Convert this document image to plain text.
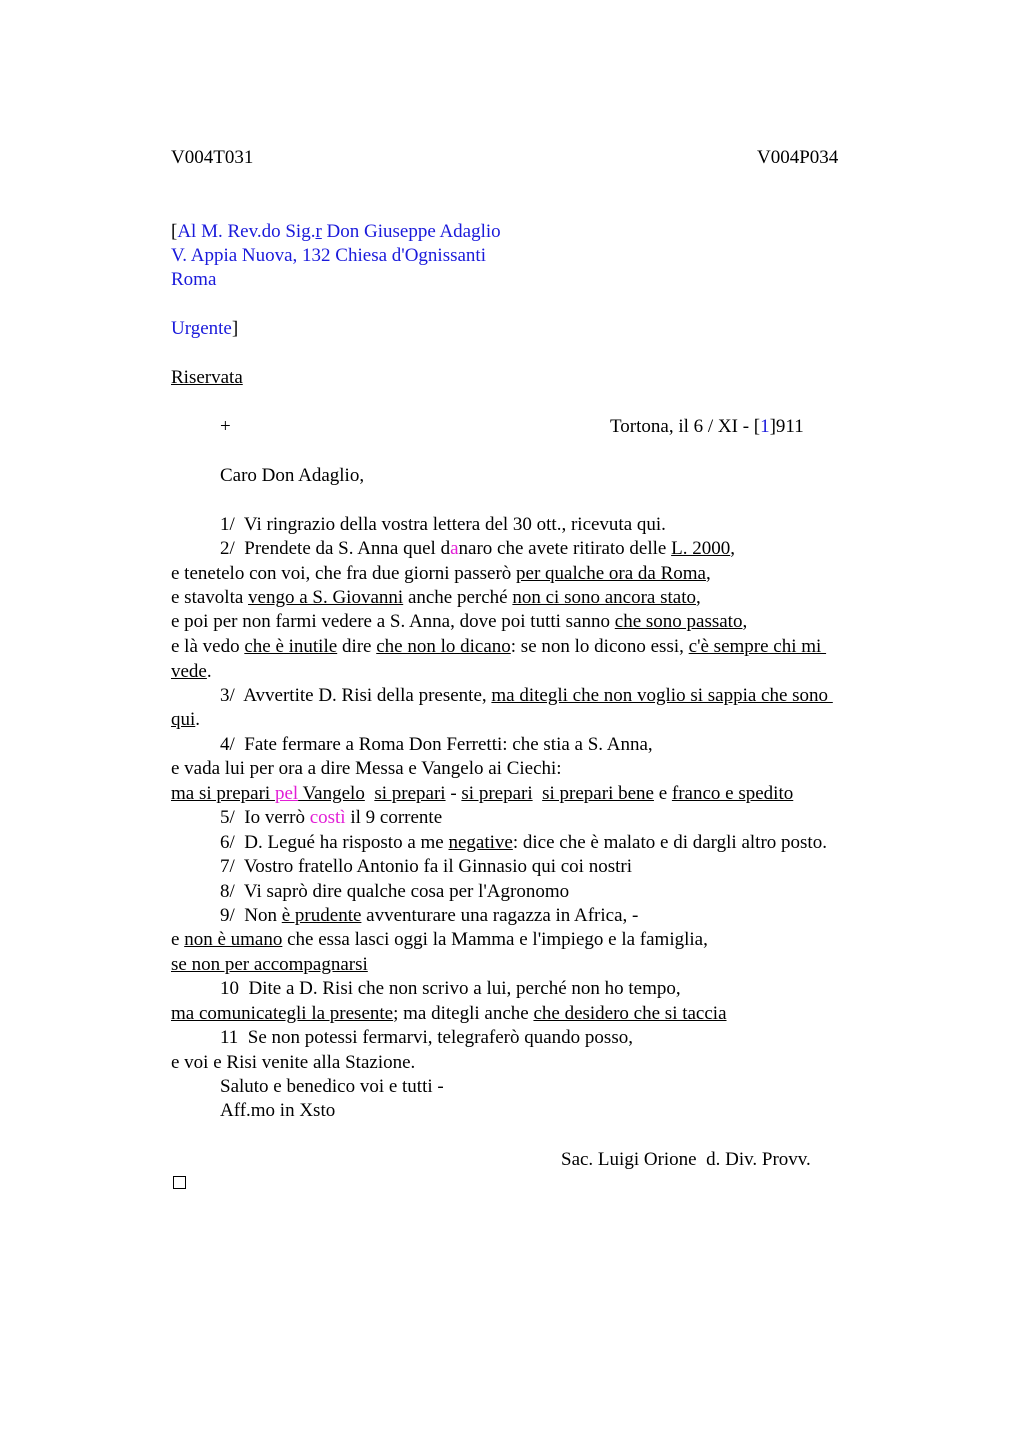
V004T031	V004P034
[Al M. Rev.do Sig.r Don Giuseppe Adaglio
V. Appia Nuova, 132 Chiesa d'Ognissanti
Roma
Urgente]
Riservata
+	Tortona, il 6 / XI - [1]911
Caro Don Adaglio,
1/  Vi ringrazio della vostra lettera del 30 ott., ricevuta qui.
2/  Prendete da S. Anna quel danaro che avete ritirato delle L. 2000,
e tenetelo con voi, che fra due giorni passerò per qualche ora da Roma,
e stavolta vengo a S. Giovanni anche perché non ci sono ancora stato,
e poi per non farmi vedere a S. Anna, dove poi tutti sanno che sono passato,
e là vedo che è inutile dire che non lo dicano: se non lo dicono essi, c'è sempre chi mi
vede.
3/  Avvertite D. Risi della presente, ma ditegli che non voglio si sappia che sono
qui.
4/  Fate fermare a Roma Don Ferretti: che stia a S. Anna,
e vada lui per ora a dire Messa e Vangelo ai Ciechi:
ma si prepari pel Vangelo si prepari - si prepari si prepari bene e franco e spedito
5/  Io verrò costì il 9 corrente
6/  D. Legué ha risposto a me negative: dice che è malato e di dargli altro posto.
7/  Vostro fratello Antonio fa il Ginnasio qui coi nostri
8/  Vi saprò dire qualche cosa per l'Agronomo
9/  Non è prudente avventurare una ragazza in Africa, -
e non è umano che essa lasci oggi la Mamma e l'impiego e la famiglia,
se non per accompagnarsi
10  Dite a D. Risi che non scrivo a lui, perché non ho tempo,
ma comunicategli la presente; ma ditegli anche che desidero che si taccia
11  Se non potessi fermarvi, telegraferò quando posso,
e voi e Risi venite alla Stazione.
Saluto e benedico voi e tutti -
Aff.mo in Xsto
Sac. Luigi Orione  d. Div. Provv.
